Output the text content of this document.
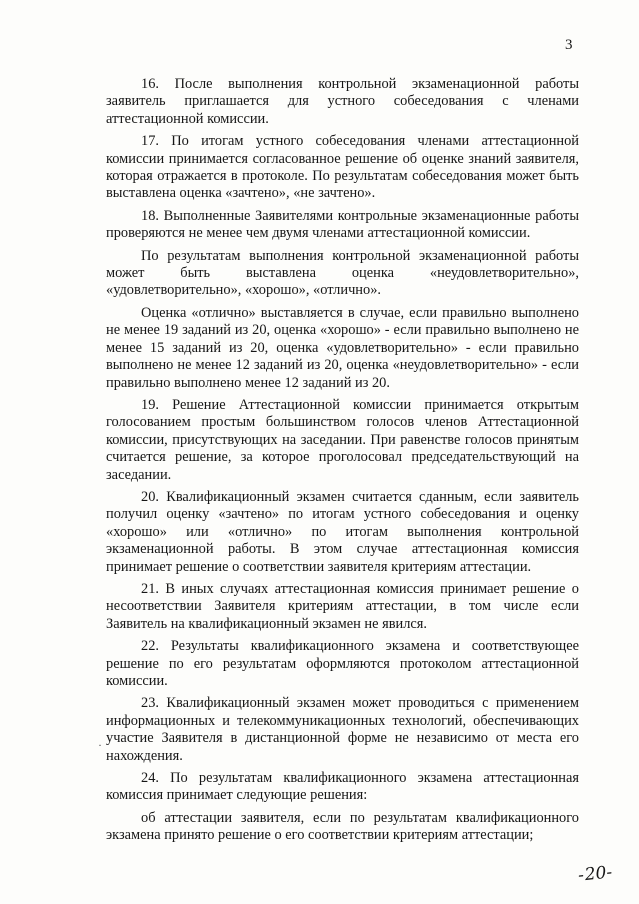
3

16. После выполнения контрольной экзаменационной работы заявитель приглашается для устного собеседования с членами аттестационной комиссии.

17. По итогам устного собеседования членами аттестационной комиссии принимается согласованное решение об оценке знаний заявителя, которая отражается в протоколе. По результатам собеседования может быть выставлена оценка «зачтено», «не зачтено».

18. Выполненные Заявителями контрольные экзаменационные работы проверяются не менее чем двумя членами аттестационной комиссии.

По результатам выполнения контрольной экзаменационной работы может быть выставлена оценка «неудовлетворительно», «удовлетворительно», «хорошо», «отлично».

Оценка «отлично» выставляется в случае, если правильно выполнено не менее 19 заданий из 20, оценка «хорошо» - если правильно выполнено не менее 15 заданий из 20, оценка «удовлетворительно» - если правильно выполнено не менее 12 заданий из 20, оценка «неудовлетворительно» - если правильно выполнено менее 12 заданий из 20.

19. Решение Аттестационной комиссии принимается открытым голосованием простым большинством голосов членов Аттестационной комиссии, присутствующих на заседании. При равенстве голосов принятым считается решение, за которое проголосовал председательствующий на заседании.

20. Квалификационный экзамен считается сданным, если заявитель получил оценку «зачтено» по итогам устного собеседования и оценку «хорошо» или «отлично» по итогам выполнения контрольной экзаменационной работы. В этом случае аттестационная комиссия принимает решение о соответствии заявителя критериям аттестации.

21. В иных случаях аттестационная комиссия принимает решение о несоответствии Заявителя критериям аттестации, в том числе если Заявитель на квалификационный экзамен не явился.

22. Результаты квалификационного экзамена и соответствующее решение по его результатам оформляются протоколом аттестационной комиссии.

23. Квалификационный экзамен может проводиться с применением информационных и телекоммуникационных технологий, обеспечивающих участие Заявителя в дистанционной форме не независимо от места его нахождения.

24. По результатам квалификационного экзамена аттестационная комиссия принимает следующие решения:

об аттестации заявителя, если по результатам квалификационного экзамена принято решение о его соответствии критериям аттестации;

·
-20-
